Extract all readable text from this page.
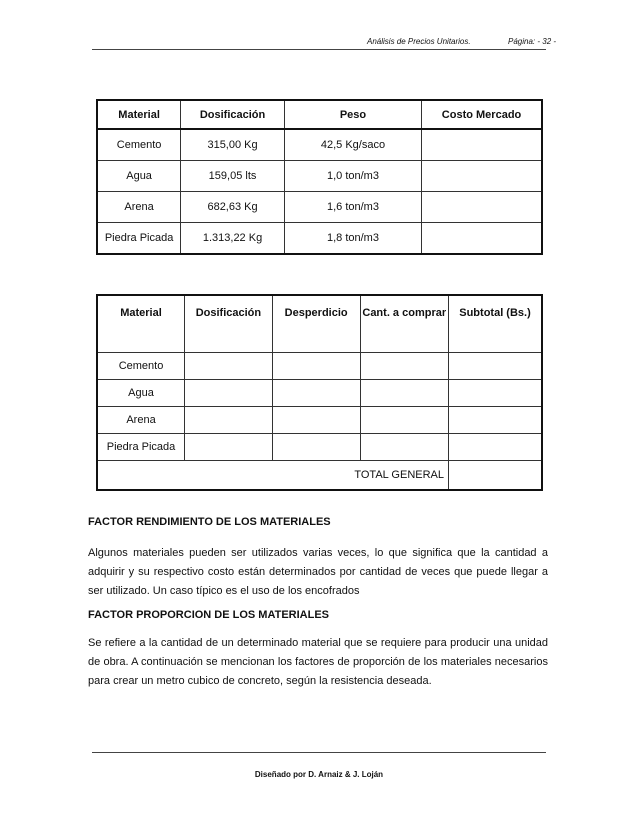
Análisis de Precios Unitarios.	Página: - 32 -
Material	Dosificación	Peso	Costo Mercado
Cemento	315,00 Kg	42,5 Kg/saco	
Agua	159,05 lts	1,0 ton/m3	
Arena	682,63 Kg	1,6 ton/m3	
Piedra Picada	1.313,22 Kg	1,8 ton/m3	
Material	Dosificación	Desperdicio	Cant. a comprar	Subtotal (Bs.)
Cemento				
Agua				
Arena				
Piedra Picada				
TOTAL GENERAL				
FACTOR RENDIMIENTO DE LOS MATERIALES
Algunos materiales pueden ser utilizados varias veces, lo que significa que la cantidad a adquirir y su respectivo costo están determinados por cantidad de veces que puede llegar a ser utilizado. Un caso típico es el uso de los encofrados
FACTOR PROPORCION DE LOS MATERIALES
Se refiere a la cantidad de un determinado material que se requiere para producir una unidad de obra. A continuación se mencionan los factores de proporción de los materiales necesarios para crear un metro cubico de concreto, según la resistencia deseada.
Diseñado por D. Arnaiz & J. Loján
